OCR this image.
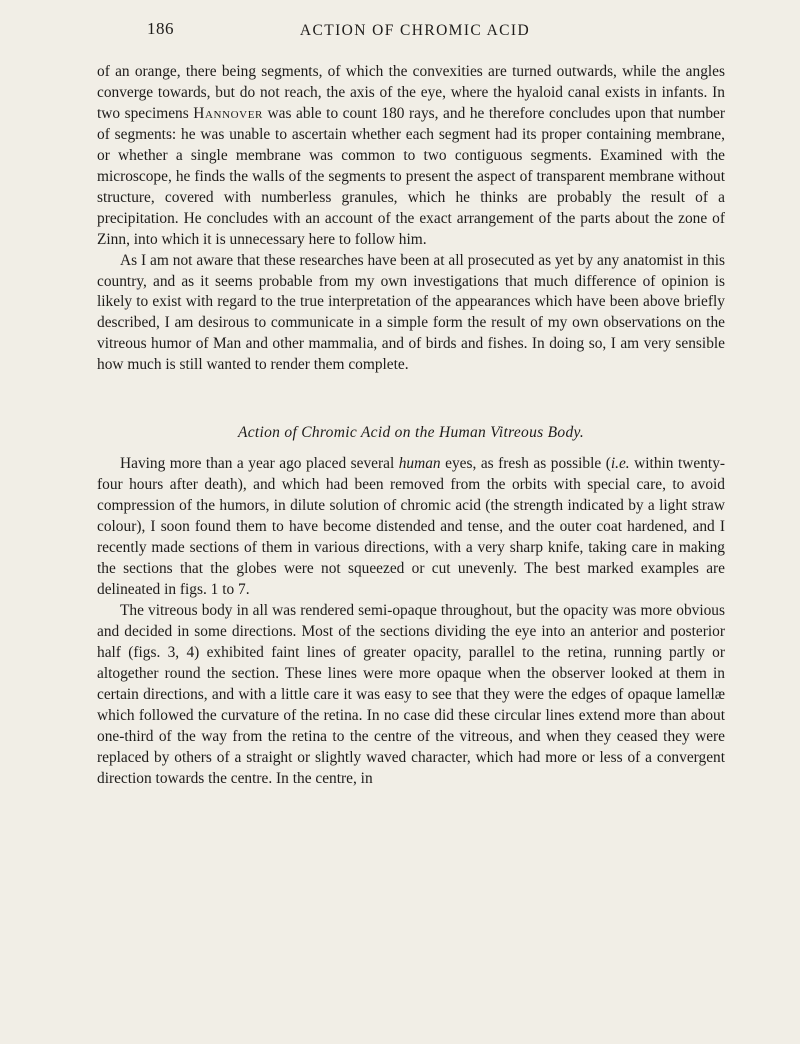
186	ACTION OF CHROMIC ACID

of an orange, there being segments, of which the convexities are turned outwards, while the angles converge towards, but do not reach, the axis of the eye, where the hyaloid canal exists in infants. In two specimens Hannover was able to count 180 rays, and he therefore concludes upon that number of segments: he was unable to ascertain whether each segment had its proper containing membrane, or whether a single membrane was common to two contiguous segments. Examined with the microscope, he finds the walls of the segments to present the aspect of transparent membrane without structure, covered with numberless granules, which he thinks are probably the result of a precipitation. He concludes with an account of the exact arrangement of the parts about the zone of Zinn, into which it is unnecessary here to follow him.

As I am not aware that these researches have been at all prosecuted as yet by any anatomist in this country, and as it seems probable from my own investigations that much difference of opinion is likely to exist with regard to the true interpretation of the appearances which have been above briefly described, I am desirous to communicate in a simple form the result of my own observations on the vitreous humor of Man and other mammalia, and of birds and fishes. In doing so, I am very sensible how much is still wanted to render them complete.

Action of Chromic Acid on the Human Vitreous Body.

Having more than a year ago placed several human eyes, as fresh as possible (i.e. within twenty-four hours after death), and which had been removed from the orbits with special care, to avoid compression of the humors, in dilute solution of chromic acid (the strength indicated by a light straw colour), I soon found them to have become distended and tense, and the outer coat hardened, and I recently made sections of them in various directions, with a very sharp knife, taking care in making the sections that the globes were not squeezed or cut unevenly. The best marked examples are delineated in figs. 1 to 7.

The vitreous body in all was rendered semi-opaque throughout, but the opacity was more obvious and decided in some directions. Most of the sections dividing the eye into an anterior and posterior half (figs. 3, 4) exhibited faint lines of greater opacity, parallel to the retina, running partly or altogether round the section. These lines were more opaque when the observer looked at them in certain directions, and with a little care it was easy to see that they were the edges of opaque lamellæ which followed the curvature of the retina. In no case did these circular lines extend more than about one-third of the way from the retina to the centre of the vitreous, and when they ceased they were replaced by others of a straight or slightly waved character, which had more or less of a convergent direction towards the centre. In the centre, in
